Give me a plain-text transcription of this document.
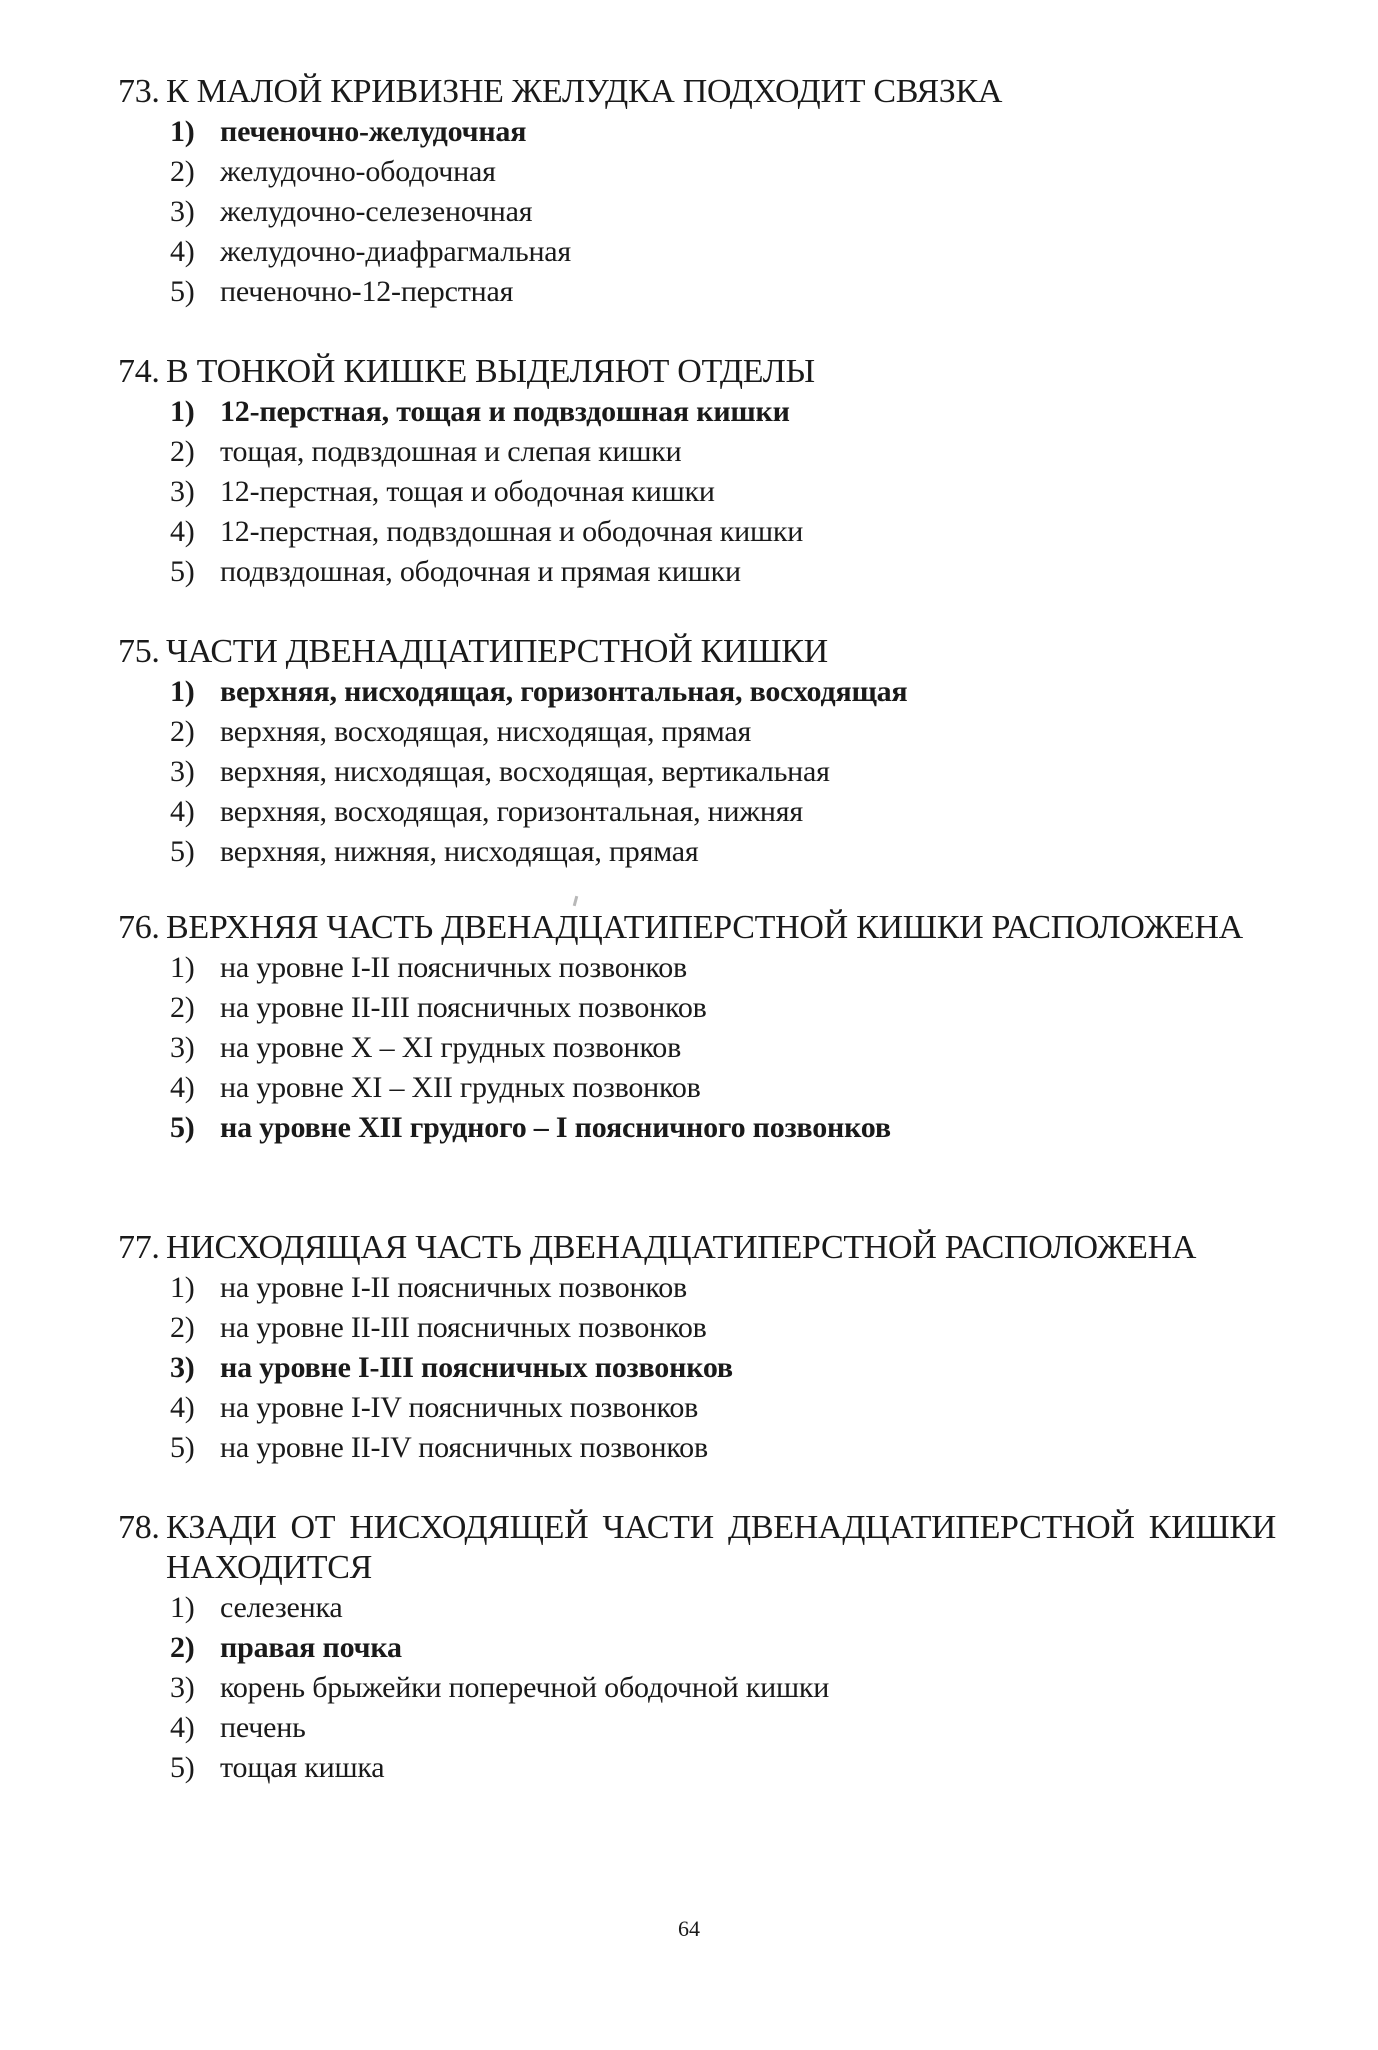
73. К МАЛОЙ КРИВИЗНЕ ЖЕЛУДКА ПОДХОДИТ СВЯЗКА
1) печеночно-желудочная
2) желудочно-ободочная
3) желудочно-селезеночная
4) желудочно-диафрагмальная
5) печеночно-12-перстная
74. В ТОНКОЙ КИШКЕ ВЫДЕЛЯЮТ ОТДЕЛЫ
1) 12-перстная, тощая и подвздошная кишки
2) тощая, подвздошная и слепая кишки
3) 12-перстная, тощая и ободочная кишки
4) 12-перстная, подвздошная и ободочная кишки
5) подвздошная, ободочная и прямая кишки
75. ЧАСТИ ДВЕНАДЦАТИПЕРСТНОЙ КИШКИ
1) верхняя, нисходящая, горизонтальная, восходящая
2) верхняя, восходящая, нисходящая, прямая
3) верхняя, нисходящая, восходящая, вертикальная
4) верхняя, восходящая, горизонтальная, нижняя
5) верхняя, нижняя, нисходящая, прямая
76. ВЕРХНЯЯ ЧАСТЬ ДВЕНАДЦАТИПЕРСТНОЙ КИШКИ РАСПОЛОЖЕНА
1) на уровне I-II поясничных позвонков
2) на уровне II-III поясничных позвонков
3) на уровне X – XI грудных позвонков
4) на уровне XI – XII грудных позвонков
5) на уровне XII грудного – I поясничного позвонков
77. НИСХОДЯЩАЯ ЧАСТЬ ДВЕНАДЦАТИПЕРСТНОЙ РАСПОЛОЖЕНА
1) на уровне I-II поясничных позвонков
2) на уровне II-III поясничных позвонков
3) на уровне I-III поясничных позвонков
4) на уровне I-IV поясничных позвонков
5) на уровне II-IV поясничных позвонков
78. КЗАДИ ОТ НИСХОДЯЩЕЙ ЧАСТИ ДВЕНАДЦАТИПЕРСТНОЙ КИШКИ НАХОДИТСЯ
1) селезенка
2) правая почка
3) корень брыжейки поперечной ободочной кишки
4) печень
5) тощая кишка
64
